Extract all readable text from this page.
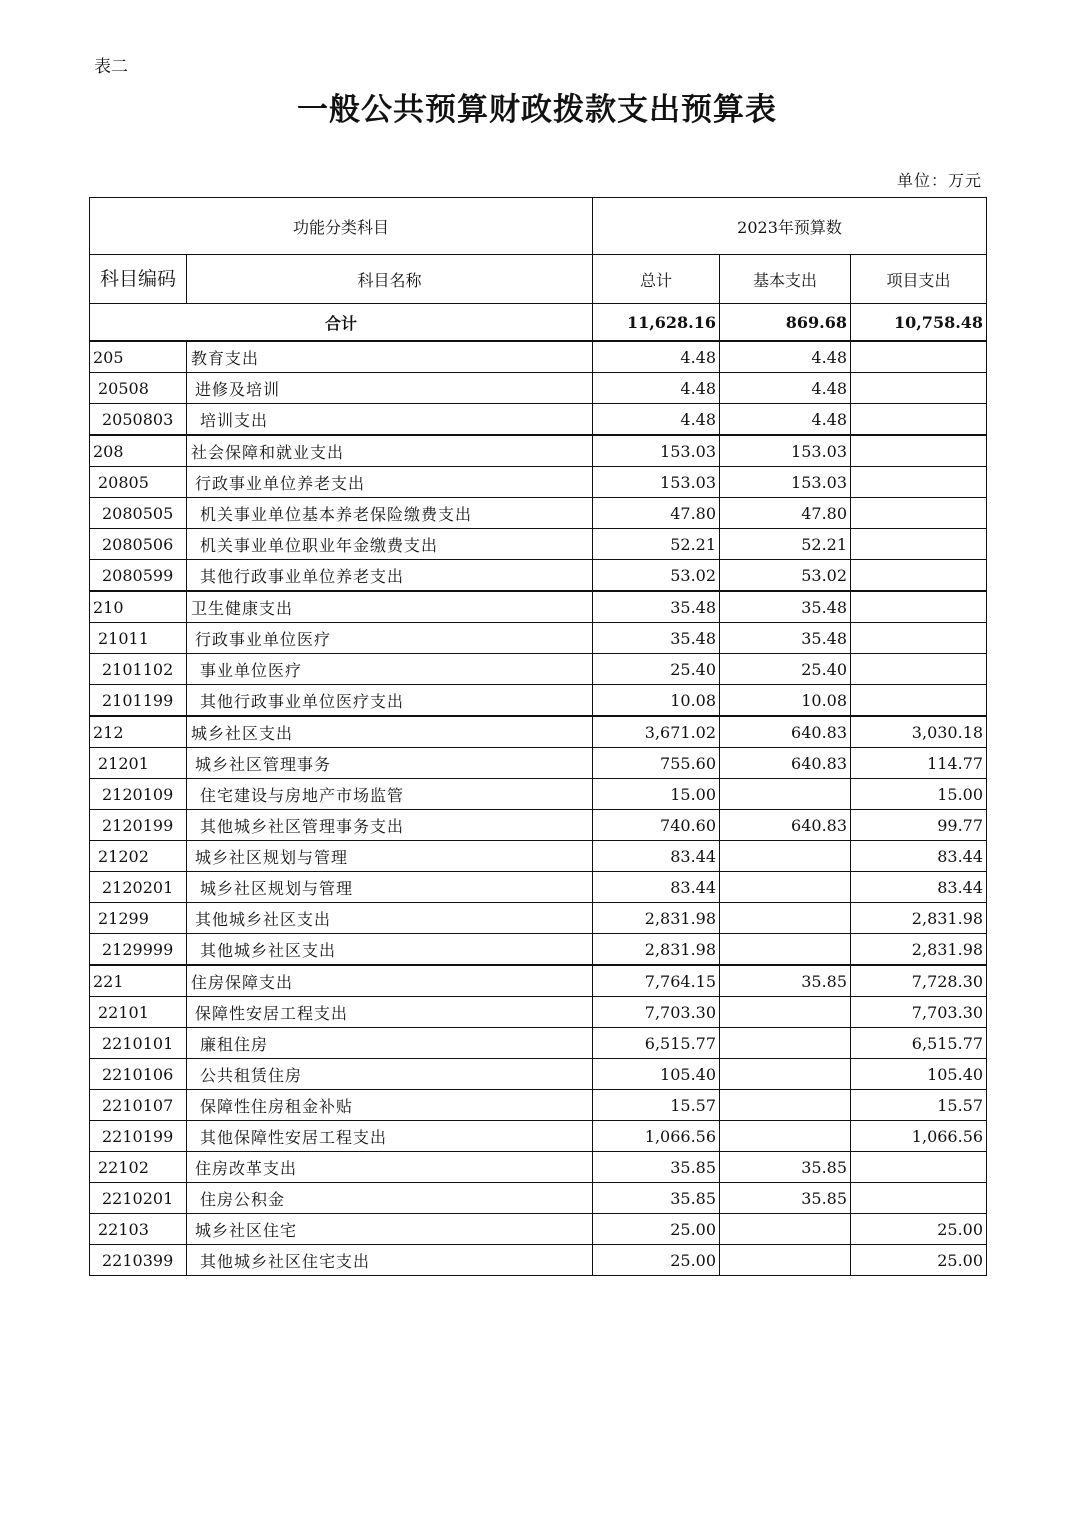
表二
一般公共预算财政拨款支出预算表
单位：万元
功能分类科目		2023年预算数		
科目编码	科目名称	总计	基本支出	项目支出
合计		11,628.16	869.68	10,758.48
205	教育支出	4.48	4.48	
20508	进修及培训	4.48	4.48	
2050803	培训支出	4.48	4.48	
208	社会保障和就业支出	153.03	153.03	
20805	行政事业单位养老支出	153.03	153.03	
2080505	机关事业单位基本养老保险缴费支出	47.80	47.80	
2080506	机关事业单位职业年金缴费支出	52.21	52.21	
2080599	其他行政事业单位养老支出	53.02	53.02	
210	卫生健康支出	35.48	35.48	
21011	行政事业单位医疗	35.48	35.48	
2101102	事业单位医疗	25.40	25.40	
2101199	其他行政事业单位医疗支出	10.08	10.08	
212	城乡社区支出	3,671.02	640.83	3,030.18
21201	城乡社区管理事务	755.60	640.83	114.77
2120109	住宅建设与房地产市场监管	15.00		15.00
2120199	其他城乡社区管理事务支出	740.60	640.83	99.77
21202	城乡社区规划与管理	83.44		83.44
2120201	城乡社区规划与管理	83.44		83.44
21299	其他城乡社区支出	2,831.98		2,831.98
2129999	其他城乡社区支出	2,831.98		2,831.98
221	住房保障支出	7,764.15	35.85	7,728.30
22101	保障性安居工程支出	7,703.30		7,703.30
2210101	廉租住房	6,515.77		6,515.77
2210106	公共租赁住房	105.40		105.40
2210107	保障性住房租金补贴	15.57		15.57
2210199	其他保障性安居工程支出	1,066.56		1,066.56
22102	住房改革支出	35.85	35.85	
2210201	住房公积金	35.85	35.85	
22103	城乡社区住宅	25.00		25.00
2210399	其他城乡社区住宅支出	25.00		25.00
